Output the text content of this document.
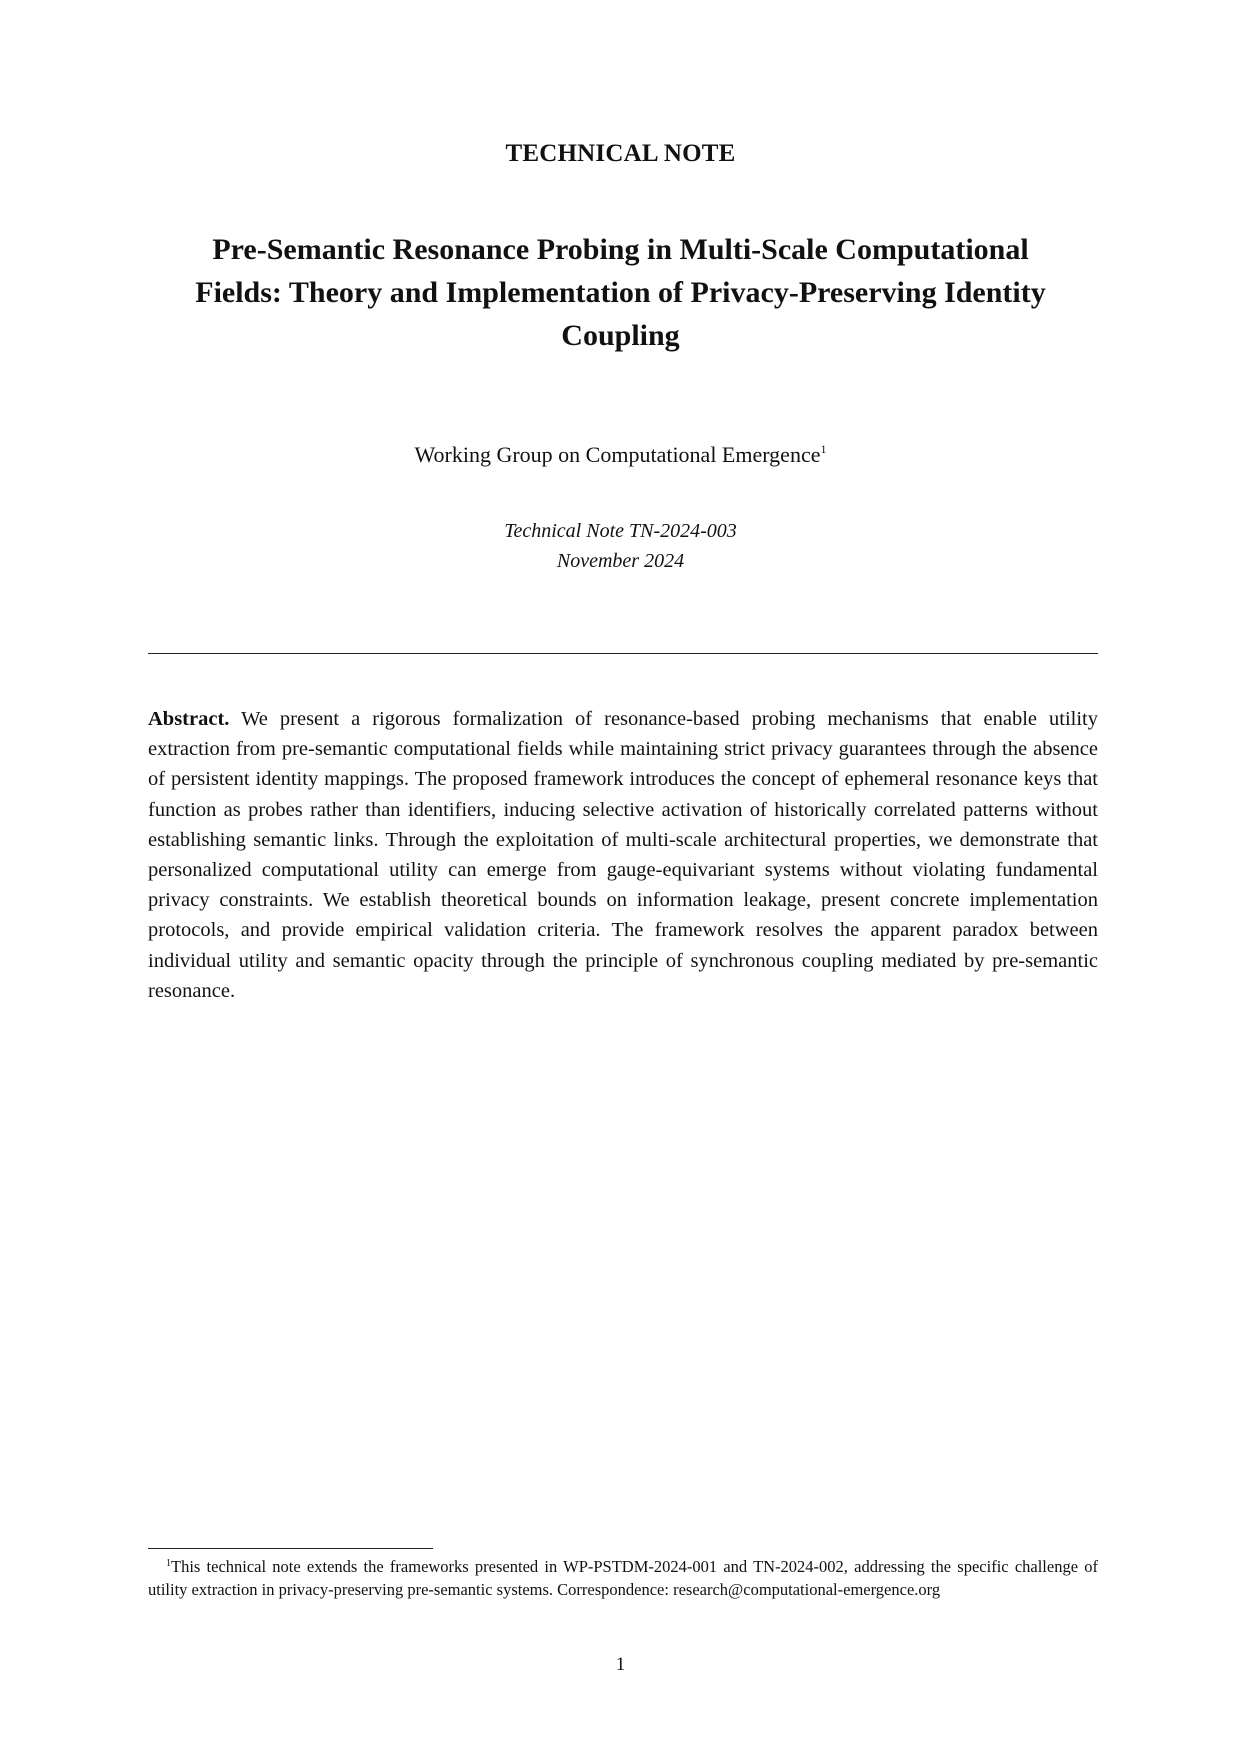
TECHNICAL NOTE
Pre-Semantic Resonance Probing in Multi-Scale Computational Fields: Theory and Implementation of Privacy-Preserving Identity Coupling
Working Group on Computational Emergence$^1$
Technical Note TN-2024-003
November 2024
Abstract. We present a rigorous formalization of resonance-based probing mechanisms that enable utility extraction from pre-semantic computational fields while maintaining strict privacy guarantees through the absence of persistent identity mappings. The proposed framework introduces the concept of ephemeral resonance keys that function as probes rather than identifiers, inducing selective activation of historically correlated patterns without establishing semantic links. Through the exploitation of multi-scale architectural properties, we demonstrate that personalized computational utility can emerge from gauge-equivariant systems without violating fundamental privacy constraints. We establish theoretical bounds on information leakage, present concrete implementation protocols, and provide empirical validation criteria. The framework resolves the apparent paradox between individual utility and semantic opacity through the principle of synchronous coupling mediated by pre-semantic resonance.
$^1$This technical note extends the frameworks presented in WP-PSTDM-2024-001 and TN-2024-002, addressing the specific challenge of utility extraction in privacy-preserving pre-semantic systems. Correspondence: research@computational-emergence.org
1
